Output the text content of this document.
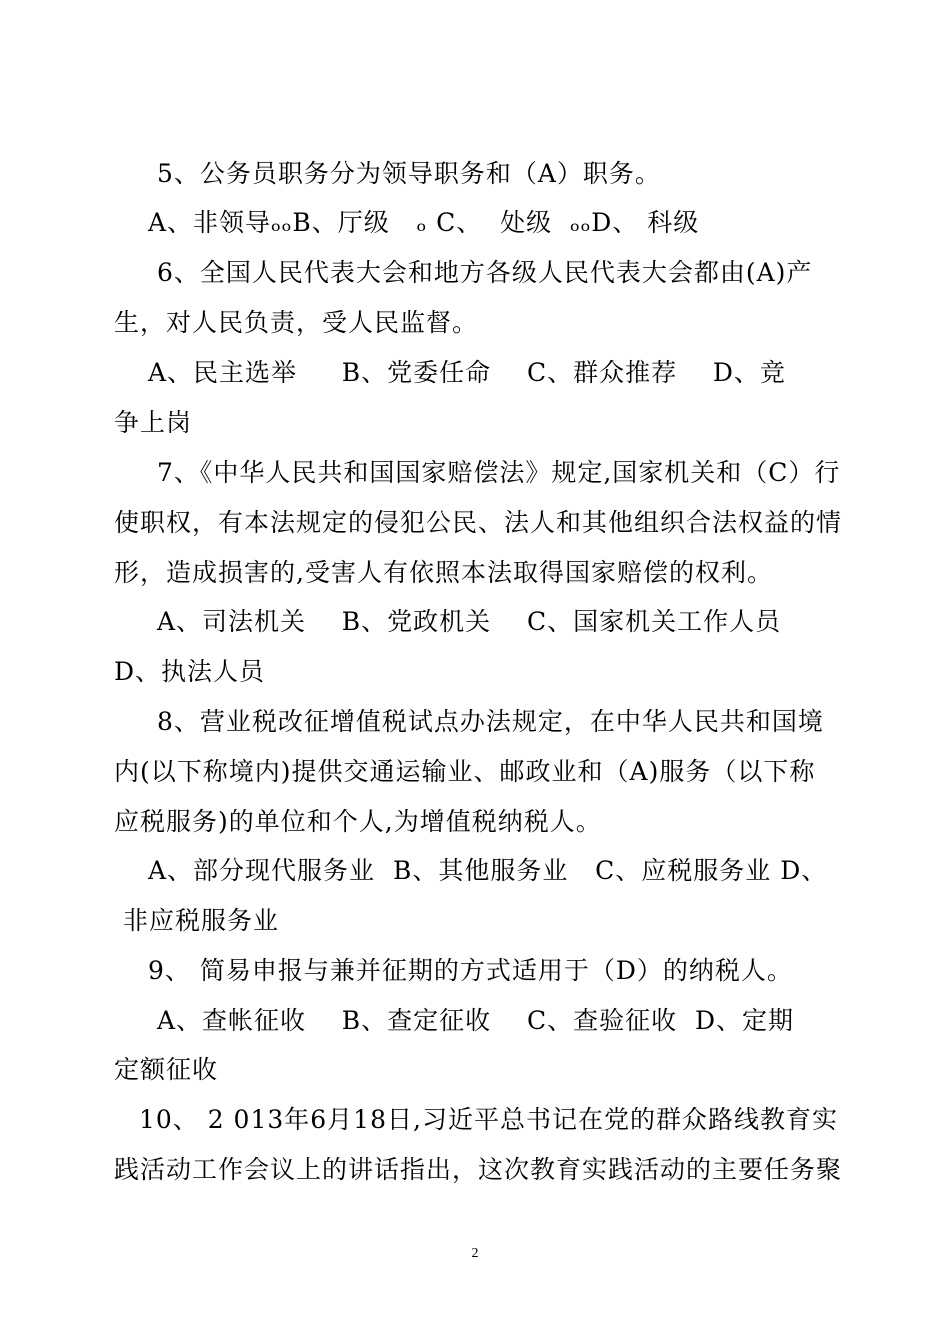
5、公务员职务分为领导职务和（A）职务。
A、非领导ₒₒB、厅级   ₒ C、  处级  ₒₒD、 科级
6、全国人民代表大会和地方各级人民代表大会都由(A)产
生，对人民负责，受人民监督。
A、民主选举     B、党委任命    C、群众推荐    D、竞
争上岗
7、《中华人民共和国国家赔偿法》规定,国家机关和（C）行
使职权，有本法规定的侵犯公民、法人和其他组织合法权益的情
形，造成损害的,受害人有依照本法取得国家赔偿的权利。
A、司法机关    B、党政机关    C、国家机关工作人员
D、执法人员
8、营业税改征增值税试点办法规定，在中华人民共和国境
内(以下称境内)提供交通运输业、邮政业和（A)服务（以下称
应税服务)的单位和个人,为增值税纳税人。
A、部分现代服务业  B、其他服务业   C、应税服务业 D、
非应税服务业
9、 简易申报与兼并征期的方式适用于（D）的纳税人。
A、查帐征收    B、查定征收    C、查验征收  D、定期
定额征收
10、 2 013年6月18日,习近平总书记在党的群众路线教育实
践活动工作会议上的讲话指出，这次教育实践活动的主要任务聚
2
